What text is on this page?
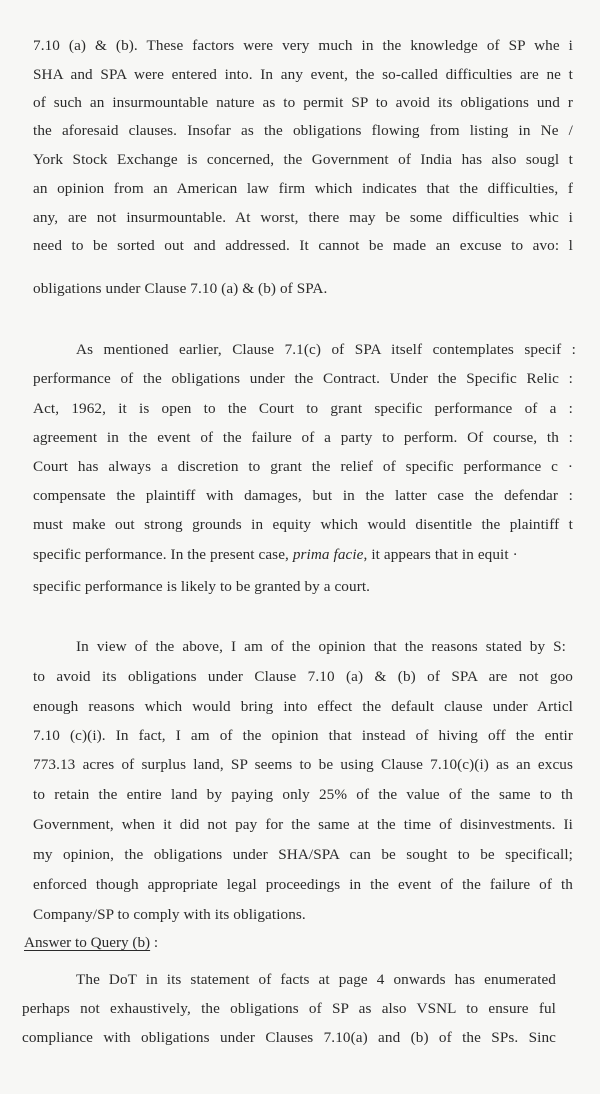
7.10 (a) & (b). These factors were very much in the knowledge of SP whe i
SHA and SPA were entered into. In any event, the so-called difficulties are ne t
of such an insurmountable nature as to permit SP to avoid its obligations und r
the aforesaid clauses. Insofar as the obligations flowing from listing in Ne /
York Stock Exchange is concerned, the Government of India has also sougl t
an opinion from an American law firm which indicates that the difficulties, f
any, are not insurmountable. At worst, there may be some difficulties whic i
need to be sorted out and addressed. It cannot be made an excuse to avo: l
obligations under Clause 7.10 (a) & (b) of SPA.
As mentioned earlier, Clause 7.1(c) of SPA itself contemplates specif :
performance of the obligations under the Contract. Under the Specific Relic :
Act, 1962, it is open to the Court to grant specific performance of a :
agreement in the event of the failure of a party to perform. Of course, th :
Court has always a discretion to grant the relief of specific performance c ·
compensate the plaintiff with damages, but in the latter case the defendar :
must make out strong grounds in equity which would disentitle the plaintiff t
specific performance. In the present case, prima facie, it appears that in equit ·
specific performance is likely to be granted by a court.
In view of the above, I am of the opinion that the reasons stated by S:
to avoid its obligations under Clause 7.10 (a) & (b) of SPA are not goo
enough reasons which would bring into effect the default clause under Articl
7.10 (c)(i). In fact, I am of the opinion that instead of hiving off the entir
773.13 acres of surplus land, SP seems to be using Clause 7.10(c)(i) as an excus
to retain the entire land by paying only 25% of the value of the same to th
Government, when it did not pay for the same at the time of disinvestments. Ii
my opinion, the obligations under SHA/SPA can be sought to be specificall;
enforced though appropriate legal proceedings in the event of the failure of th
Company/SP to comply with its obligations.
Answer to Query (b) :
The DoT in its statement of facts at page 4 onwards has enumerated
perhaps not exhaustively, the obligations of SP as also VSNL to ensure ful
compliance with obligations under Clauses 7.10(a) and (b) of the SPs. Sinc
